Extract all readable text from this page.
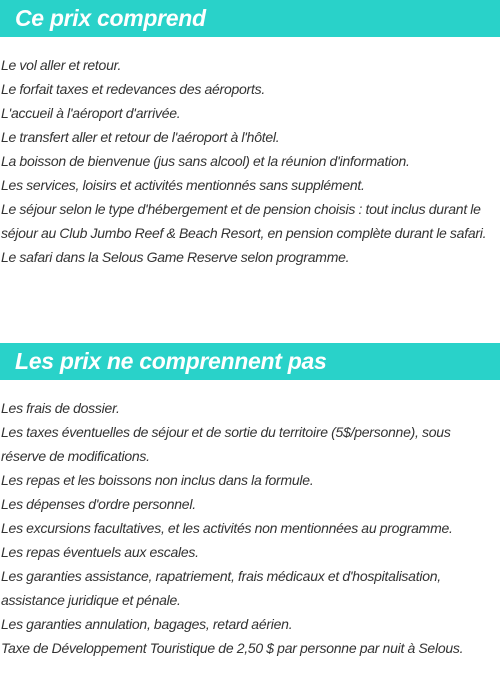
Ce prix comprend
Le vol aller et retour.
Le forfait taxes et redevances des aéroports.
L'accueil à l'aéroport d'arrivée.
Le transfert aller et retour de l'aéroport à l'hôtel.
La boisson de bienvenue (jus sans alcool) et la réunion d'information.
Les services, loisirs et activités mentionnés sans supplément.
Le séjour selon le type d'hébergement et de pension choisis : tout inclus durant le séjour au Club Jumbo Reef & Beach Resort, en pension complète durant le safari.
Le safari dans la Selous Game Reserve selon programme.
Les prix ne comprennent pas
Les frais de dossier.
Les taxes éventuelles de séjour et de sortie du territoire (5$/personne), sous réserve de modifications.
Les repas et les boissons non inclus dans la formule.
Les dépenses d'ordre personnel.
Les excursions facultatives, et les activités non mentionnées au programme.
Les repas éventuels aux escales.
Les garanties assistance, rapatriement, frais médicaux et d'hospitalisation, assistance juridique et pénale.
Les garanties annulation, bagages, retard aérien.
Taxe de Développement Touristique de 2,50 $ par personne par nuit à Selous.
